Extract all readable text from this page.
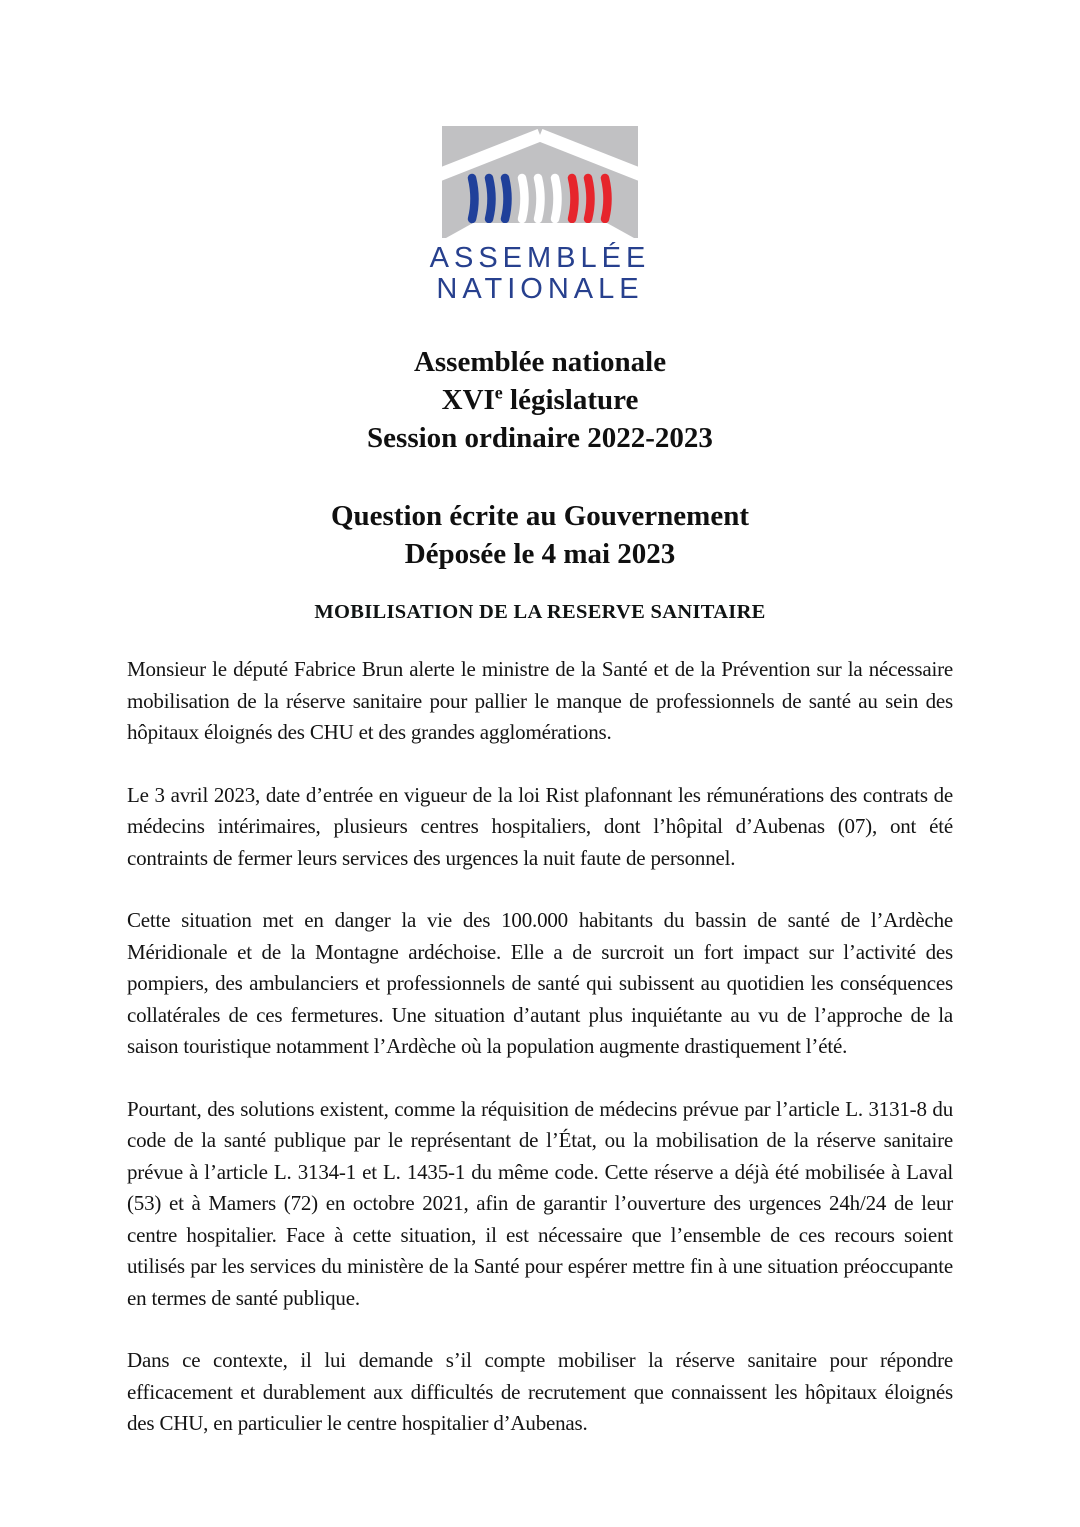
ASSEMBLÉE
NATIONALE
Assemblée nationale
XVIe législature
Session ordinaire 2022-2023
Question écrite au Gouvernement
Déposée le 4 mai 2023
MOBILISATION DE LA RESERVE SANITAIRE

Monsieur le député Fabrice Brun alerte le ministre de la Santé et de la Prévention sur la nécessaire mobilisation de la réserve sanitaire pour pallier le manque de professionnels de santé au sein des hôpitaux éloignés des CHU et des grandes agglomérations.

Le 3 avril 2023, date d’entrée en vigueur de la loi Rist plafonnant les rémunérations des contrats de médecins intérimaires, plusieurs centres hospitaliers, dont l’hôpital d’Aubenas (07), ont été contraints de fermer leurs services des urgences la nuit faute de personnel.

Cette situation met en danger la vie des 100.000 habitants du bassin de santé de l’Ardèche Méridionale et de la Montagne ardéchoise. Elle a de surcroit un fort impact sur l’activité des pompiers, des ambulanciers et professionnels de santé qui subissent au quotidien les conséquences collatérales de ces fermetures. Une situation d’autant plus inquiétante au vu de l’approche de la saison touristique notamment l’Ardèche où la population augmente drastiquement l’été.

Pourtant, des solutions existent, comme la réquisition de médecins prévue par l’article L. 3131-8 du code de la santé publique par le représentant de l’État, ou la mobilisation de la réserve sanitaire prévue à l’article L. 3134-1 et L. 1435-1 du même code. Cette réserve a déjà été mobilisée à Laval (53) et à Mamers (72) en octobre 2021, afin de garantir l’ouverture des urgences 24h/24 de leur centre hospitalier. Face à cette situation, il est nécessaire que l’ensemble de ces recours soient utilisés par les services du ministère de la Santé pour espérer mettre fin à une situation préoccupante en termes de santé publique.

Dans ce contexte, il lui demande s’il compte mobiliser la réserve sanitaire pour répondre efficacement et durablement aux difficultés de recrutement que connaissent les hôpitaux éloignés des CHU, en particulier le centre hospitalier d’Aubenas.
